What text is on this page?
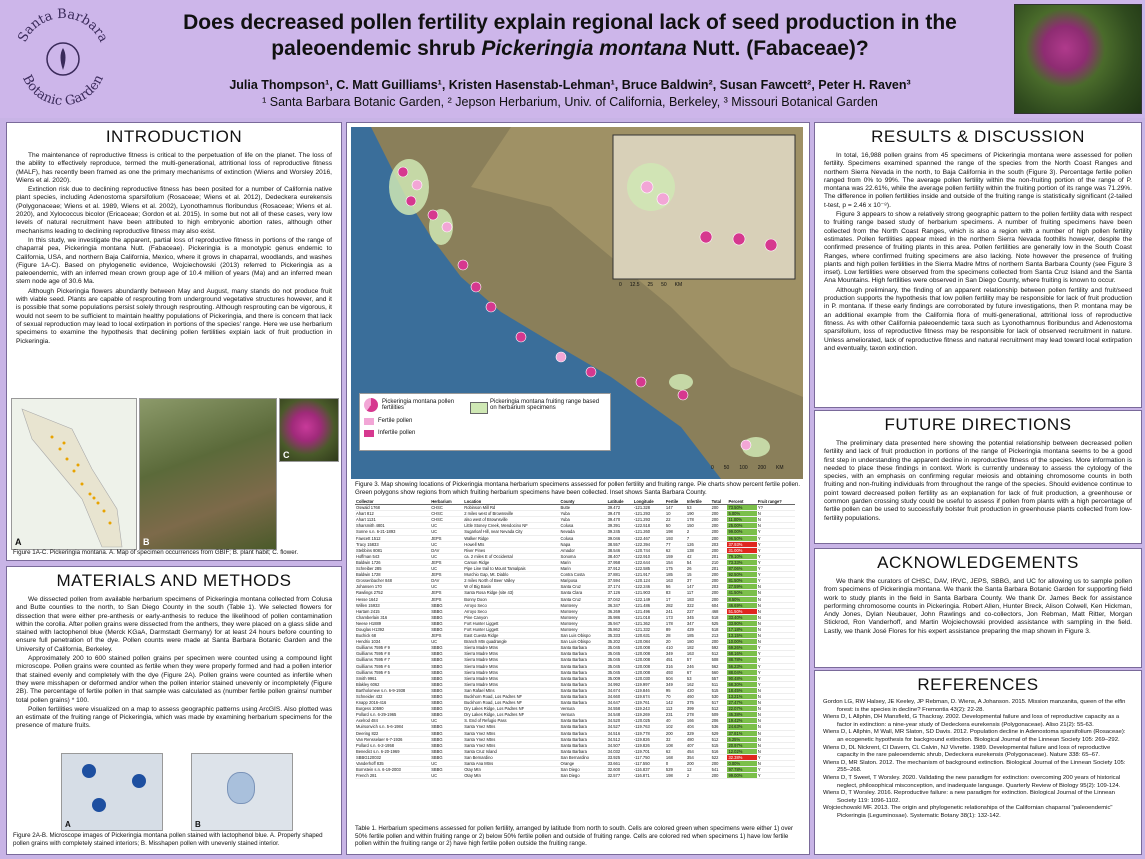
Santa Barbara
Botanic Garden
Does decreased pollen fertility explain regional lack of seed production in the
paleoendemic shrub Pickeringia montana Nutt. (Fabaceae)?
Julia Thompson¹, C. Matt Guilliams¹, Kristen Hasenstab-Lehman¹, Bruce Baldwin², Susan Fawcett², Peter H. Raven³
¹ Santa Barbara Botanic Garden, ² Jepson Herbarium, Univ. of California, Berkeley, ³ Missouri Botanical Garden
INTRODUCTION

The maintenance of reproductive fitness is critical to the perpetuation of life on the planet. The loss of the ability to effectively reproduce, termed the multi-generational, attritional loss of reproductive fitness (MALF), has recently been framed as one the primary mechanisms of extinction (Wiens and Worsley 2016, Wiens et al. 2020).

Extinction risk due to declining reproductive fitness has been posited for a number of California native plant species, including Adenostoma sparsifolium (Rosaceae; Wiens et al. 2012), Dedeckera eurekensis (Polygonaceae; Wiens et al. 1989, Wiens et al. 2002), Lyonothamnus floribundus (Rosaceae; Wiens et al. 2020), and Xylococcus bicolor (Ericaceae; Gordon et al. 2015). In some but not all of these cases, very low levels of natural recruitment have been attributed to high embryonic abortion rates, although other mechanisms leading to declining reproductive fitness may also exist.

In this study, we investigate the apparent, partial loss of reproductive fitness in portions of the range of chaparral pea, Pickeringia montana Nutt. (Fabaceae). Pickeringia is a monotypic genus endemic to California, USA, and northern Baja California, Mexico, where it grows in chaparral, woodlands, and washes (Figure 1A-C). Based on phylogenetic evidence, Wojciechowski (2013) referred to Pickeringia as a paleoendemic, with an inferred mean crown group age of 10.4 million of years (Ma) and an inferred mean stem node age of 30.6 Ma.

Although Pickeringia flowers abundantly between May and August, many stands do not produce fruit with viable seed. Plants are capable of resprouting from underground vegetative structures however, and it is possible that some populations persist solely through resprouting. Although resprouting can be vigorous, it would not seem to be sufficient to maintain healthy populations of Pickeringia, and there is concern that lack of sexual reproduction may lead to local extirpation in portions of the species' range. Here we use herbarium specimens to examine the hypothesis that declining pollen fertilities explain lack of fruit production in Pickeringia.

A	B
C
Figure 1A-C. Pickeringia montana. A. Map of specimen occurrences from GBIF; B. plant habit; C. flower.
MATERIALS AND METHODS

We dissected pollen from available herbarium specimens of Pickeringia montana collected from Colusa and Butte counties to the north, to San Diego County in the south (Table 1). We selected flowers for dissection that were either pre-anthesis or early-anthesis to reduce the likelihood of pollen contamination within the corolla. After pollen grains were dissected from the anthers, they were placed on a glass slide and stained with lactophenol blue (Merck KGaA, Darmstadt Germany) for at least 24 hours before counting to ensure full penetration of the dye. Pollen counts were made at Santa Barbara Botanic Garden and the University of California, Berkeley.

Approximately 200 to 600 stained pollen grains per specimen were counted using a compound light microscope. Pollen grains were counted as fertile when they were properly formed and had a pollen interior that stained evenly and completely with the dye (Figure 2A). Pollen grains were counted as infertile when they were misshapen or deformed and/or when the pollen interior stained unevenly or incompletely (Figure 2B). The percentage of fertile pollen in that sample was calculated as (number fertile pollen grains/ number total pollen grains) * 100.

Pollen fertilities were visualized on a map to assess geographic patterns using ArcGIS. Also plotted was an estimate of the fruiting range of Pickeringia, which was made by examining herbarium specimens for the presence of mature fruits.

A	B
Figure 2A-B. Microscope images of Pickeringia montana pollen stained with lactophenol blue. A. Properly shaped pollen grains with completely stained interiors; B. Misshapen pollen with unevenly stained interior.
0 12.5 25 50 KM
0 50 100 200 KM
Pickeringia montana pollen fertilities
Fertile pollen
Infertile pollen
Pickeringia montana fruiting range based on herbarium specimens
Figure 3. Map showing locations of Pickeringia montana herbarium specimens assessed for pollen fertility and fruiting range. Pie charts show percent fertile pollen. Green polygons show regions from which fruiting herbarium specimens have been collected. Inset shows Santa Barbara County.
Collector	Herbarium	Location	County	Latitude	Longitude	Fertile	Infertile	Total	Percent	Fruit range?
Oswald 1768	CHSC	Robinson Mill Rd	Butte	39.472	-121.328	147	53	200	73.50%	Y?
Ahart 812	CHSC	2 miles west of Brownsville	Yuba	39.470	-121.293	10	190	200	5.00%	N
Ahart 1131	CHSC	also west of Brownsville	Yuba	39.470	-121.293	22	178	200	11.00%	N
Sharsmith 4801	UC	Little Stoney Creek, Mendocino NF	Colusa	39.391	-122.518	50	150	200	25.00%	N
Sonne s.n. 6-21-1893	UC	Sugarloaf Hill, near Nevada City	Nevada	39.245	-121.260	198	2	200	99.00%	Y
Fawcett 1512	JEPS	Walker Ridge	Colusa	39.046	-122.467	193	7	200	96.50%	Y
Tracy 15833	UC	Howell Mts	Napa	38.557	-122.394	77	126	203	37.93%	Y
Stebbins 8081	DAV	River Pines	Amador	38.546	-120.744	62	138	200	31.00%	Y
Hoffman 543	UC	ca. 2 miles E of Occidental	Sonoma	38.407	-122.910	159	42	201	79.10%	Y
Baldwin 1726	JEPS	Carson Ridge	Marin	37.958	-122.644	154	54	210	73.33%	Y
Schreiber 285	UC	Pipe Line trail to Mount Tamalpais	Marin	37.912	-122.585	175	26	201	87.06%	Y
Baldwin 1728	JEPS	Murchio Gap, Mt. Diablo	Contra Costa	37.881	-121.917	185	15	200	92.50%	Y
Grossenbacher 848	DAV	2 miles North of Beer Valley	Mariposa	37.594	-120.124	163	37	200	81.50%	Y
Johansen 170	UC	W of Big Basin	Santa Cruz	37.174	-122.246	56	147	203	27.59%	N
Rawlings 2752	JEPS	Santa Rosa Ridge (site 43)	Santa Clara	37.126	-121.903	83	117	200	41.50%	N
Hesse 1642	JEPS	Bonny Doon	Santa Cruz	37.042	-122.149	17	183	200	8.50%	N
Willen 15933	SBBG	Arroyo Seco	Monterey	36.347	-121.486	282	322	604	46.69%	N
Hartam 2415	SBBG	Arroyo Seco	Monterey	36.269	-121.496	241	227	468	51.50%	N
Chamberlain 316	SBBG	Pine Canyon	Monterey	35.986	-121.018	173	345	518	33.40%	N
Neese H1889	SBBG	Fort Hunter Liggett	Monterey	35.947	-121.362	178	347	525	33.90%	N
Douglas H1392	SBBG	Fort Hunter Liggett	Monterey	35.862	-121.332	89	429	518	17.18%	N
Buchick 68	JEPS	East Cuesta Ridge	San Luis Obispo	35.333	-120.631	28	185	213	13.15%	N
Hendrix 1034	UC	Branch Mtn quadrangle	San Luis Obispo	35.202	-120.084	20	180	200	10.00%	N
Guilliams 7595 # 9	SBBG	Sierra Madre Mtns	Santa Barbara	35.045	-120.008	410	182	592	69.26%	Y
Guilliams 7595 # 8	SBBG	Sierra Madre Mtns	Santa Barbara	35.045	-120.008	349	163	512	68.16%	Y
Guilliams 7595 # 7	SBBG	Sierra Madre Mtns	Santa Barbara	35.045	-120.008	451	57	508	88.78%	Y
Guilliams 7595 # 6	SBBG	Sierra Madre Mtns	Santa Barbara	35.045	-120.008	316	246	562	56.23%	Y
Guilliams 7595 # 5	SBBG	Sierra Madre Mtns	Santa Barbara	35.045	-120.008	493	67	560	88.04%	Y
Smith 9961	SBBG	Sierra Madre Mtns	Santa Barbara	35.009	-120.030	504	53	557	90.48%	Y
Blakley 6062	SBBG	Sierra Madre Mtns	Santa Barbara	34.992	-119.997	349	162	511	68.30%	Y
Bartholomew s.n. 6-9-1938	SBBG	San Rafael Mtns	Santa Barbara	34.674	-119.846	95	420	515	18.45%	N
Schneider 432	SBBG	Buckhorn Road, Los Padres NF	Santa Barbara	34.660	-119.674	70	460	530	13.21%	N
Knapp 2016-416	SBBG	Buckhorn Road, Los Padres NF	Santa Barbara	34.647	-119.761	142	375	517	27.47%	N
Burgess 10590	SBBG	Dry Lakes Ridge, Los Padres NF	Ventura	34.558	-119.243	113	399	512	22.07%	N
Pollard s.n. 6-29-1965	SBBG	Dry Lakes Ridge, Los Padres NF	Ventura	34.548	-119.269	231	278	509	45.38%	N
Axelrod 484	UC	S. End of Refugio Pass	Santa Barbara	34.520	-120.025	40	166	206	19.42%	N
Muirsonvich s.n. 5-6-1984	SBBG	Santa Ynez Mtns	Santa Barbara	34.527	-119.763	102	404	536	24.63%	N
Deering 822	SBBG	Santa Ynez Mtns	Santa Barbara	34.516	-119.778	200	329	529	37.81%	N
Van Rensselaer 6-7-1936	SBBG	Santa Ynez Mtns	Santa Barbara	34.512	-119.826	32	480	512	6.25%	N
Pollard s.n. 6-2-1958	SBBG	Santa Ynez Mtns	Santa Barbara	34.507	-119.826	108	407	515	20.97%	N
Benedict s.n. 6-20-1969	SBBG	Santa Cruz Island	Santa Barbara	34.032	-119.701	62	454	516	12.02%	N
SBBG120032	SBBG	San Bernardino	San Bernardino	33.925	-117.750	168	354	522	32.38%	Y
Vanderhoff 835	UC	Santa Ana Mtns	Orange	33.661	-117.550	0	200	200	0.00%	N
Bornstein s.n. 6-19-2003	SBBG	Otay Mtn	San Diego	32.600	-116.837	529	12	541	97.78%	Y
French 281	UC	Otay Mtn	San Diego	32.577	-116.871	198	2	200	99.00%	Y
Table 1. Herbarium specimens assessed for pollen fertility, arranged by latitude from north to south. Cells are colored green when specimens were either 1) over 50% fertile pollen and within fruiting range or 2) below 50% fertile pollen and outside of fruiting range. Cells are colored red when specimens 1) have low fertile pollen within the fruiting range or 2) have high fertile pollen outside the fruiting range.
RESULTS & DISCUSSION

In total, 16,988 pollen grains from 45 specimens of Pickeringia montana were assessed for pollen fertility. Specimens examined spanned the range of the species from the North Coast Ranges and northern Sierra Nevada in the north, to Baja California in the south (Figure 3). Percentage fertile pollen ranged from 0% to 99%. The average pollen fertility within the non-fruiting portion of the range of P. montana was 22.61%, while the average pollen fertility within the fruiting portion of its range was 71.29%. The difference in pollen fertilities inside and outside of the fruiting range is statistically significant (2-tailed t-test, p = 2.46 x 10⁻⁸).

Figure 3 appears to show a relatively strong geographic pattern to the pollen fertility data with respect to fruiting range based study of herbarium specimens. A number of fruiting specimens have been collected from the North Coast Ranges, which is also a region with a number of high pollen fertility estimates. Pollen fertilities appear mixed in the northern Sierra Nevada foothills however, despite the confirmed presence of fruiting plants in this area. Pollen fertilities are generally low in the South Coast Ranges, where confirmed fruiting specimens are also lacking. Note however the presence of fruiting plants and high pollen fertilities in the Sierra Madre Mtns of northern Santa Barbara County (see Figure 3 inset). Low fertilities were observed from the specimens collected from Santa Cruz Island and the Santa Ana Mountains. High fertilities were observed in San Diego County, where fruiting is known to occur.

Although preliminary, the finding of an apparent relationship between pollen fertility and fruit/seed production supports the hypothesis that low pollen fertility may be responsible for lack of fruit production in P. montana. If these early findings are corroborated by future investigations, then P. montana may be an additional example from the California flora of multi-generational, attritional loss of reproductive fitness. As with other California paleoendemic taxa such as Lyonothamnus floribundus and Adenostoma sparsifolium, loss of reproductive fitness may be responsible for lack of observed recruitment in nature. Unless ameliorated, lack of reproductive fitness and natural recruitment may lead toward local extirpation and eventually, taxon extinction.

FUTURE DIRECTIONS

The preliminary data presented here showing the potential relationship between decreased pollen fertility and lack of fruit production in portions of the range of Pickeringia montana seems to be a good first step in understanding the apparent decline in reproductive fitness of the species. More information is needed to place these findings in context. Work is currently underway to assess the cytology of the species, with an emphasis on confirming regular meiosis and obtaining chromosome counts in both fruiting and non-fruiting individuals from throughout the range of the species. Should evidence continue to point toward decreased pollen fertility as an explanation for lack of fruit production, a greenhouse or common garden crossing study could be useful to assess if pollen from plants with a high percentage of fertile pollen can be used to successfully bolster fruit production in greenhouse plants collected from low-fertility populations.

ACKNOWLEDGEMENTS

We thank the curators of CHSC, DAV, IRVC, JEPS, SBBG, and UC for allowing us to sample pollen from specimens of Pickeringia montana. We thank the Santa Barbara Botanic Garden for supporting field work to study plants in the field in Santa Barbara County. We thank Dr. James Beck for assistance performing chromosome counts in Pickeringia. Robert Allen, Hunter Breck, Alison Colwell, Ken Hickman, Andy Jones, Dylan Neubauer, John Rawlings and co-collectors, Jon Rebman, Matt Ritter, Morgan Stickrod, Ron Vanderhoff, and Martin Wojciechowski provided assistance with sampling in the field. Lastly, we thank José Flores for his expert assistance preparing the map shown in Figure 3.

REFERENCES

Gordon LG, RW Halsey, JE Keeley, JP Rebman, D. Wiens, A Johanson. 2015. Mission manzanita, queen of the elfin forest: is the species in decline? Fremontia 43(2): 22-28.

Wiens D, L Allphin, DH Mansfield, G Thackray. 2002. Developmental failure and loss of reproductive capacity as a factor in extinction: a nine-year study of Dedeckera eurekensis (Polygonaceae). Aliso 21(2): 55-63.

Wiens D, L Allphin, M Wall, MR Slaton, SD Davis. 2012. Population decline in Adenostoma sparsifolium (Rosaceae): an ecogenetic hypothesis for background extinction. Biological Journal of the Linnean Society 105: 269–292.

Wiens D, DL Nickrent, CI Davern, CL Calvin, NJ Vivrette. 1989. Developmental failure and loss of reproductive capacity in the rare paleoendemic shrub, Dedeckera eurekensis (Polygonaceae). Nature 338: 65–67.

Wiens D, MR Slaton. 2012. The mechanism of background extinction. Biological Journal of the Linnean Society 105: 255–268.

Wiens D, T Sweet, T Worsley. 2020. Validating the new paradigm for extinction: overcoming 200 years of historical neglect, philosophical misconception, and inadequate language. Quarterly Review of Biology 95(2): 109-124.

Wiens D, T Worsley. 2016. Reproductive failure: a new paradigm for extinction. Biological Journal of the Linnean Society 119: 1096-1102.

Wojciechowski MF. 2013. The origin and phylogenetic relationships of the Californian chaparral "paleoendemic" Pickeringia (Leguminosae). Systematic Botany 38(1): 132-142.
